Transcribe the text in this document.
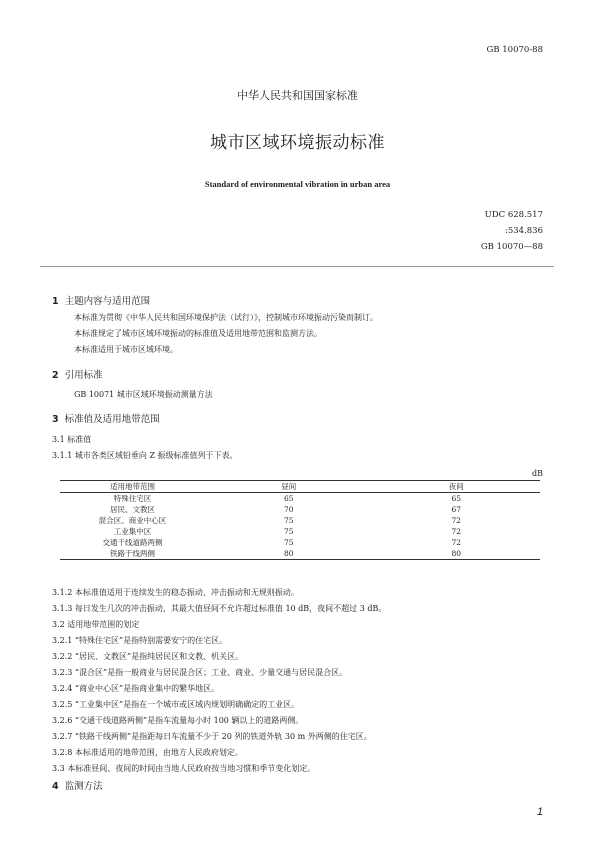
GB 10070-88
中华人民共和国国家标准
城市区域环境振动标准
Standard of environmental vibration in urban area
UDC 628.517
:534.836
GB 10070—88
1 主题内容与适用范围
本标准为贯彻《中华人民共和国环境保护法（试行）》，控制城市环境振动污染而制订。
本标准规定了城市区域环境振动的标准值及适用地带范围和监测方法。
本标准适用于城市区域环境。
2 引用标准
GB 10071 城市区域环境振动测量方法
3 标准值及适用地带范围
3.1 标准值
3.1.1 城市各类区域铅垂向 Z 振级标准值列于下表。
dB
适用地带范围	昼间	夜间
特殊住宅区	65	65
居民、文教区	70	67
混合区、商业中心区	75	72
工业集中区	75	72
交通干线道路两侧	75	72
铁路干线两侧	80	80
3.1.2 本标准值适用于连续发生的稳态振动、冲击振动和无规则振动。
3.1.3 每日发生几次的冲击振动，其最大值昼间不允许超过标准值 10 dB，夜间不超过 3 dB。
3.2 适用地带范围的划定
3.2.1 “特殊住宅区”是指特别需要安宁的住宅区。
3.2.2 “居民、文教区”是指纯居民区和文教、机关区。
3.2.3 “混合区”是指一般商业与居民混合区；工业、商业、少量交通与居民混合区。
3.2.4 “商业中心区”是指商业集中的繁华地区。
3.2.5 “工业集中区”是指在一个城市或区域内规划明确确定的工业区。
3.2.6 “交通干线道路两侧”是指车流量每小时 100 辆以上的道路两侧。
3.2.7 “铁路干线两侧”是指距每日车流量不少于 20 列的铁道外轨 30 m 外两侧的住宅区。
3.2.8 本标准适用的地带范围，由地方人民政府划定。
3.3 本标准昼间、夜间的时间由当地人民政府按当地习惯和季节变化划定。
4 监测方法
1
